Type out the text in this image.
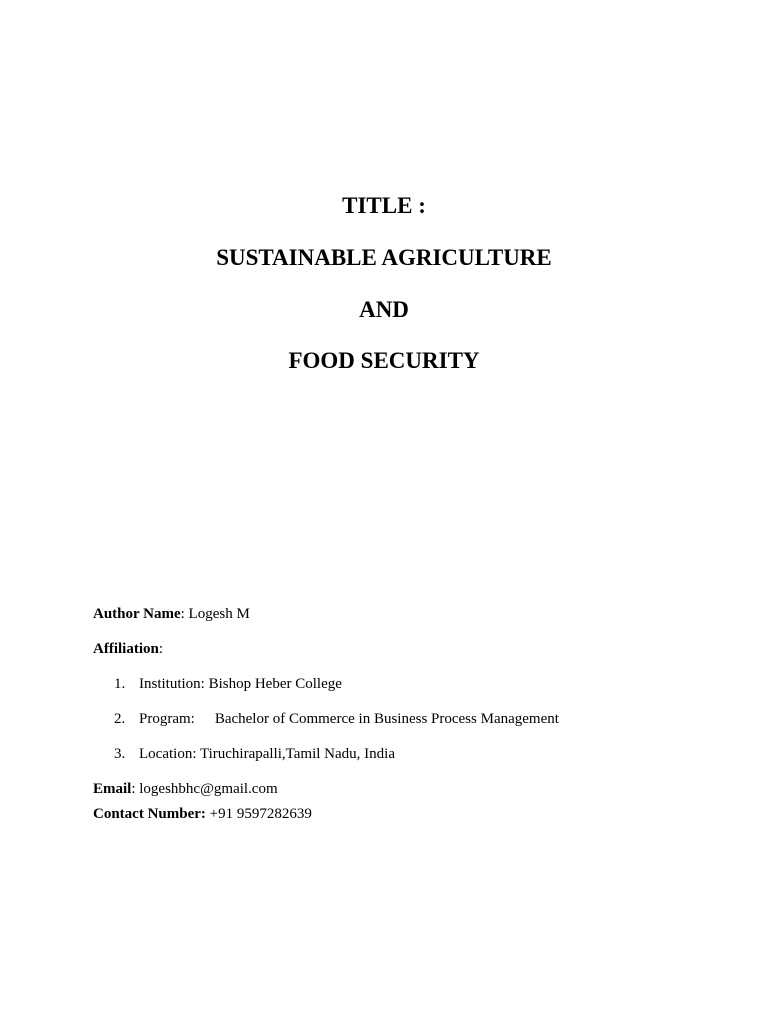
TITLE :
SUSTAINABLE AGRICULTURE
AND
FOOD SECURITY
Author Name: Logesh M
Affiliation:
1. Institution: Bishop Heber College
2. Program: Bachelor of Commerce in Business Process Management
3. Location: Tiruchirapalli,Tamil Nadu, India
Email: logeshbhc@gmail.com
Contact Number: +91 9597282639
